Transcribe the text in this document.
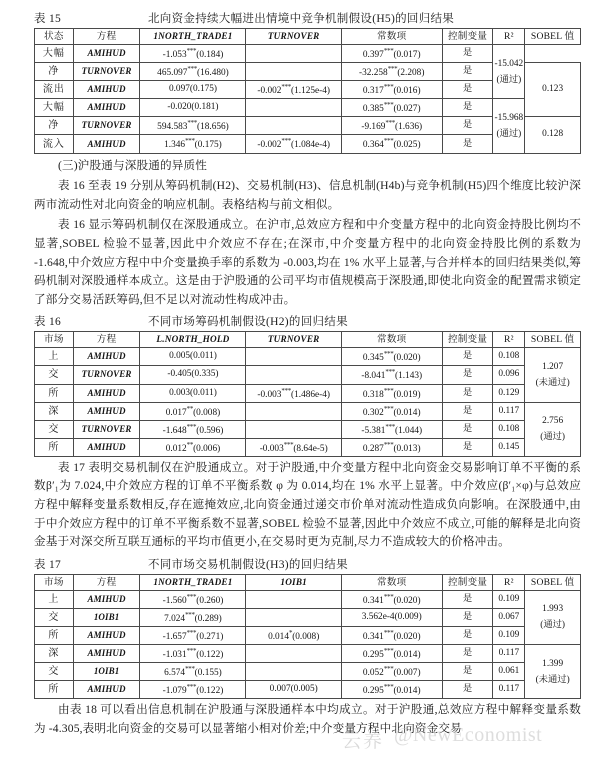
表 15	北向资金持续大幅进出情境中竞争机制假设(H5)的回归结果
状态	方程	1NORTH_TRADE1	TURNOVER	常数项	控制变量	R²	SOBEL 值
大幅	AMIHUD	-1.053***(0.184)		0.397***(0.017)	是	-15.042
(通过)	

净	TURNOVER	465.097***(16.480)		-32.258***(2.208)	是		0.123
流出	AMIHUD	0.097(0.175)	-0.002***(1.125e-4)	0.317***(0.016)	是		
大幅	AMIHUD	-0.020(0.181)		0.385***(0.027)	是	-15.968
(通过)	

净	TURNOVER	594.583***(18.656)		-9.169***(1.636)	是		0.128
流入	AMIHUD	1.346***(0.175)	-0.002***(1.084e-4)	0.364***(0.025)	是		

(三)沪股通与深股通的异质性

表 16 至表 19 分别从筹码机制(H2)、交易机制(H3)、信息机制(H4b)与竞争机制(H5)四个维度比较沪深两市流动性对北向资金的响应机制。表格结构与前文相似。

表 16 显示筹码机制仅在深股通成立。在沪市,总效应方程和中介变量方程中的北向资金持股比例均不显著,SOBEL 检验不显著,因此中介效应不存在;在深市,中介变量方程中的北向资金持股比例的系数为 -1.648,中介效应方程中中介变量换手率的系数为 -0.003,均在 1% 水平上显著,与合并样本的回归结果类似,筹码机制对深股通样本成立。这是由于沪股通的公司平均市值规模高于深股通,即使北向资金的配置需求锁定了部分交易活跃筹码,但不足以对流动性构成冲击。

表 16	不同市场筹码机制假设(H2)的回归结果
市场	方程	L.NORTH_HOLD	TURNOVER	常数项	控制变量	R²	SOBEL 值
上	AMIHUD	0.005(0.011)		0.345***(0.020)	是	0.108	1.207
(未通过)

交	TURNOVER	-0.405(0.335)		-8.041***(1.143)	是	0.096	
所	AMIHUD	0.003(0.011)	-0.003***(1.486e-4)	0.318***(0.019)	是	0.129	
深	AMIHUD	0.017**(0.008)		0.302***(0.014)	是	0.117	2.756
(通过)

交	TURNOVER	-1.648***(0.596)		-5.381***(1.044)	是	0.108	
所	AMIHUD	0.012**(0.006)	-0.003***(8.64e-5)	0.287***(0.013)	是	0.145	

表 17 表明交易机制仅在沪股通成立。对于沪股通,中介变量方程中北向资金交易影响订单不平衡的系数β′₁为 7.024,中介效应方程的订单不平衡系数 φ 为 0.014,均在 1% 水平上显著。中介效应(β′₁×φ)与总效应方程中解释变量系数相反,存在遮掩效应,北向资金通过递交市价单对流动性造成负向影响。在深股通中,由于中介效应方程中的订单不平衡系数不显著,SOBEL 检验不显著,因此中介效应不成立,可能的解释是北向资金基于对深交所互联互通标的平均市值更小,在交易时更为克制,尽力不造成较大的价格冲击。

表 17	不同市场交易机制假设(H3)的回归结果
市场	方程	1NORTH_TRADE1	1OIB1	常数项	控制变量	R²	SOBEL 值
上	AMIHUD	-1.560***(0.260)		0.341***(0.020)	是	0.109	1.993
(通过)

交	1OIB1	7.024***(0.289)		3.562e-4(0.009)	是	0.067	
所	AMIHUD	-1.657***(0.271)	0.014*(0.008)	0.341***(0.020)	是	0.109	
深	AMIHUD	-1.031***(0.122)		0.295***(0.014)	是	0.117	1.399
(未通过)

交	1OIB1	6.574***(0.155)		0.052***(0.007)	是	0.061	
所	AMIHUD	-1.079***(0.122)	0.007(0.005)	0.295***(0.014)	是	0.117	

由表 18 可以看出信息机制在沪股通与深股通样本中均成立。对于沪股通,总效应方程中解释变量系数为 -4.305,表明北向资金的交易可以显著缩小相对价差;中介变量方程中北向资金交易

云养 @NewEconomist
